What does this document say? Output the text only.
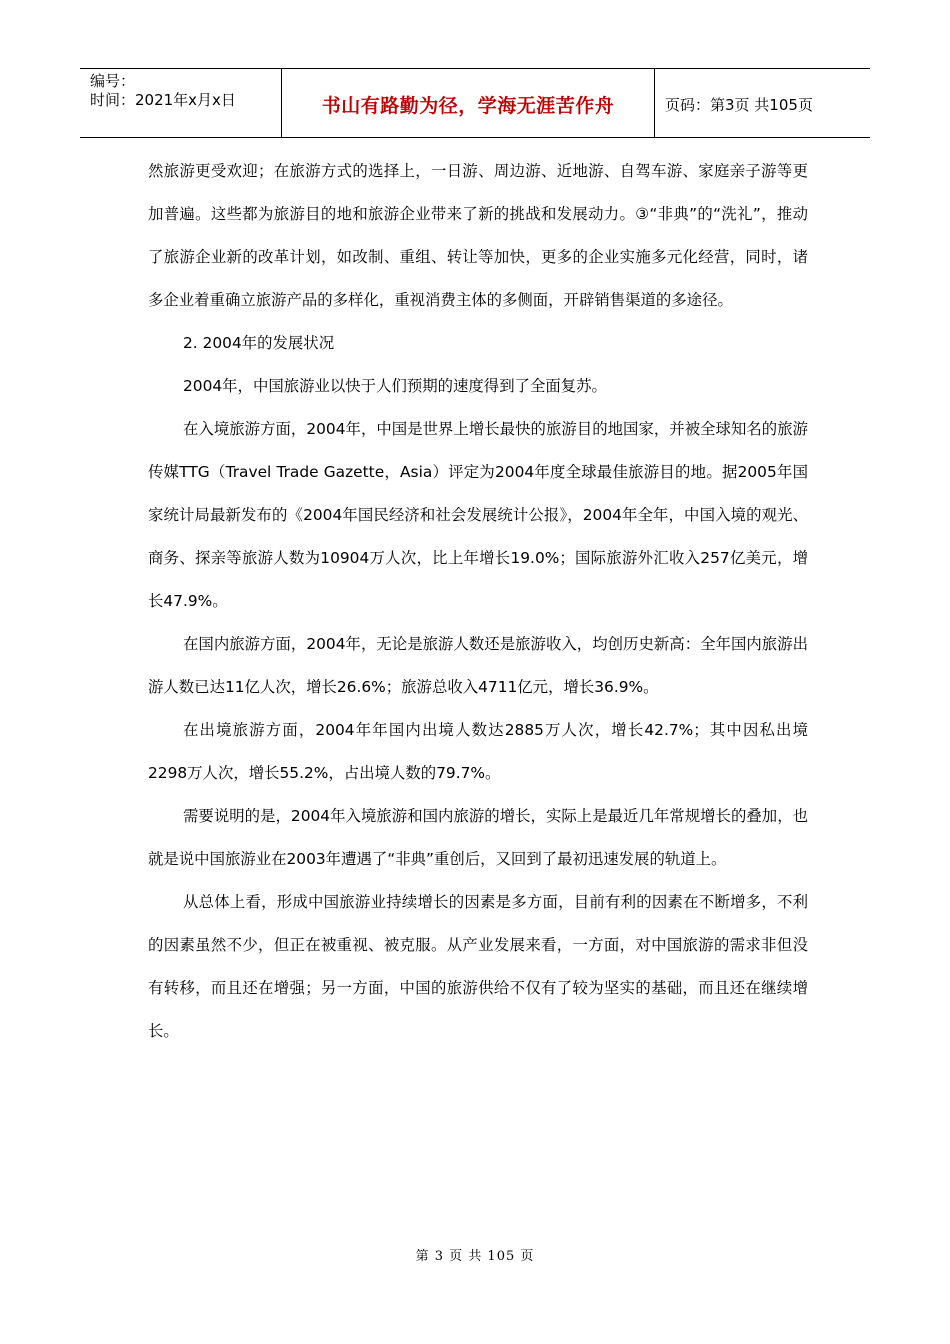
编号：
时间：2021年x月x日	书山有路勤为径，学海无涯苦作舟	页码：第3页 共105页

然旅游更受欢迎；在旅游方式的选择上，一日游、周边游、近地游、自驾车游、家庭亲子游等更加普遍。这些都为旅游目的地和旅游企业带来了新的挑战和发展动力。③“非典”的“洗礼”，推动了旅游企业新的改革计划，如改制、重组、转让等加快，更多的企业实施多元化经营，同时，诸多企业着重确立旅游产品的多样化，重视消费主体的多侧面，开辟销售渠道的多途径。

2. 2004年的发展状况

2004年，中国旅游业以快于人们预期的速度得到了全面复苏。

在入境旅游方面，2004年，中国是世界上增长最快的旅游目的地国家，并被全球知名的旅游传媒TTG（Travel Trade Gazette，Asia）评定为2004年度全球最佳旅游目的地。据2005年国家统计局最新发布的《2004年国民经济和社会发展统计公报》，2004年全年，中国入境的观光、商务、探亲等旅游人数为10904万人次，比上年增长19.0%；国际旅游外汇收入257亿美元，增长47.9%。

在国内旅游方面，2004年，无论是旅游人数还是旅游收入，均创历史新高：全年国内旅游出游人数已达11亿人次，增长26.6%；旅游总收入4711亿元，增长36.9%。

在出境旅游方面，2004年年国内出境人数达2885万人次，增长42.7%；其中因私出境2298万人次，增长55.2%，占出境人数的79.7%。

需要说明的是，2004年入境旅游和国内旅游的增长，实际上是最近几年常规增长的叠加，也就是说中国旅游业在2003年遭遇了“非典”重创后，又回到了最初迅速发展的轨道上。

从总体上看，形成中国旅游业持续增长的因素是多方面，目前有利的因素在不断增多，不利的因素虽然不少，但正在被重视、被克服。从产业发展来看，一方面，对中国旅游的需求非但没有转移，而且还在增强；另一方面，中国的旅游供给不仅有了较为坚实的基础，而且还在继续增长。

第 3 页 共 105 页
